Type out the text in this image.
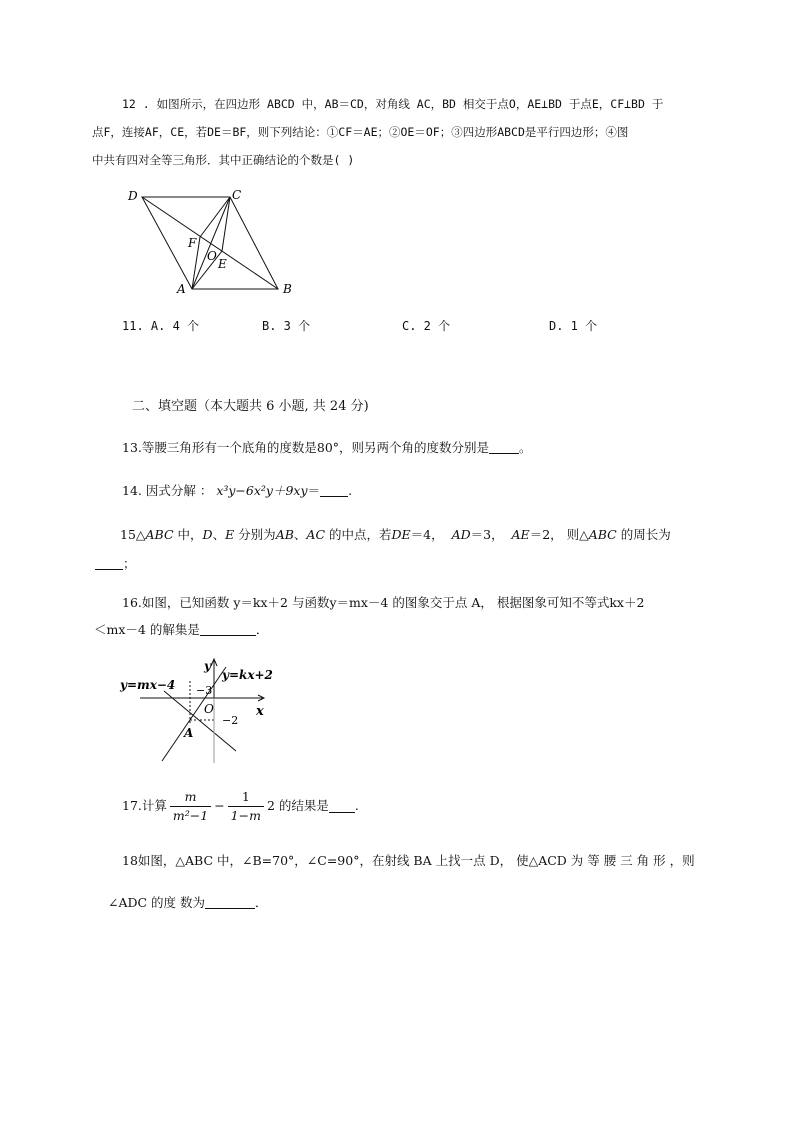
12 . 如图所示，在四边形 ABCD 中，AB＝CD，对角线 AC，BD 相交于点O，AE⊥BD 于点E，CF⊥BD 于
点F，连接AF，CE，若DE＝BF，则下列结论：①CF＝AE；②OE＝OF；③四边形ABCD是平行四边形；④图
中共有四对全等三角形．其中正确结论的个数是( )
D	C
F
O
E
A	B
11. A. 4 个	B. 3 个	C. 2 个	D. 1 个
二、填空题（本大题共 6 小题, 共 24 分)
13.等腰三角形有一个底角的度数是80°，则另两个角的度数分别是 。
14. 因式分解 ： x³y−6x²y＋9xy＝ .
15△ABC 中，D、E 分别为AB、AC 的中点，若DE＝4， AD＝3， AE＝2， 则△ABC 的周长为
；
16.如图，已知函数 y＝kx＋2 与函数y＝mx－4 的图象交于点 A， 根据图象可知不等式kx＋2
＜mx－4 的解集是	．
y
x
O
y=mx−4
y=kx+2
−3
−2
A
17.计算 $\frac{m}{\text{m²−1}} - \frac{1}{1-m} 2$ 的结果是 .
18如图，△ABC 中，∠B=70°，∠C=90°，在射线 BA 上找一点 D， 使△ACD 为 等 腰 三 角 形 ，则
∠ADC 的度 数为	．
